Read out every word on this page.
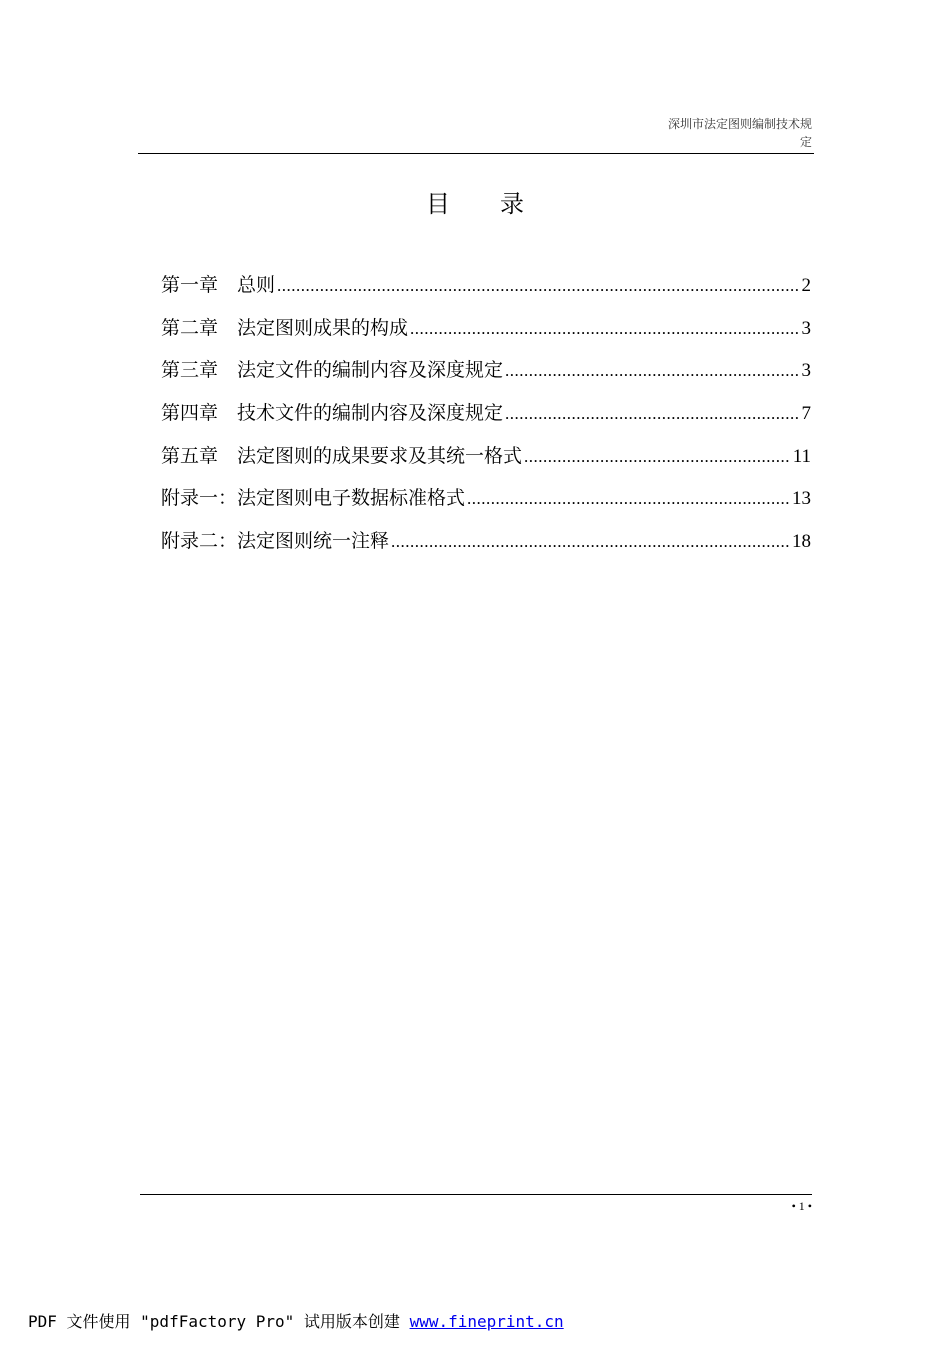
深圳市法定图则编制技术规
定
目录
第一章　总则 .....	2
第二章　法定图则成果的构成 .....	3
第三章　法定文件的编制内容及深度规定 .....	3
第四章　技术文件的编制内容及深度规定 .....	7
第五章　法定图则的成果要求及其统一格式 .....	11
附录一：法定图则电子数据标准格式 .....	13
附录二：法定图则统一注释 .....	18
• 1 •
PDF 文件使用 "pdfFactory Pro" 试用版本创建 www.fineprint.cn
